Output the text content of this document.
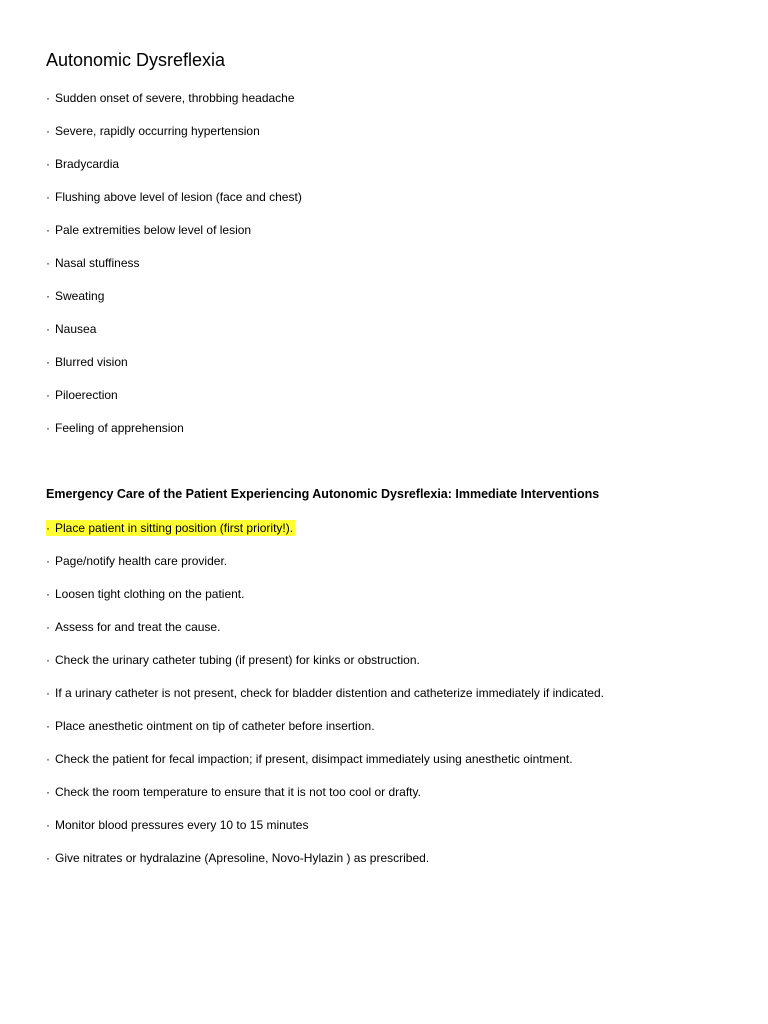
Autonomic Dysreflexia
· Sudden onset of severe, throbbing headache
· Severe, rapidly occurring hypertension
· Bradycardia
· Flushing above level of lesion (face and chest)
· Pale extremities below level of lesion
· Nasal stuffiness
· Sweating
· Nausea
· Blurred vision
· Piloerection
· Feeling of apprehension
Emergency Care of the Patient Experiencing Autonomic Dysreflexia: Immediate Interventions
· Place patient in sitting position (first priority!).
· Page/notify health care provider.
· Loosen tight clothing on the patient.
· Assess for and treat the cause.
· Check the urinary catheter tubing (if present) for kinks or obstruction.
· If a urinary catheter is not present, check for bladder distention and catheterize immediately if indicated.
· Place anesthetic ointment on tip of catheter before insertion.
· Check the patient for fecal impaction; if present, disimpact immediately using anesthetic ointment.
· Check the room temperature to ensure that it is not too cool or drafty.
· Monitor blood pressures every 10 to 15 minutes
· Give nitrates or hydralazine (Apresoline, Novo-Hylazin ) as prescribed.
